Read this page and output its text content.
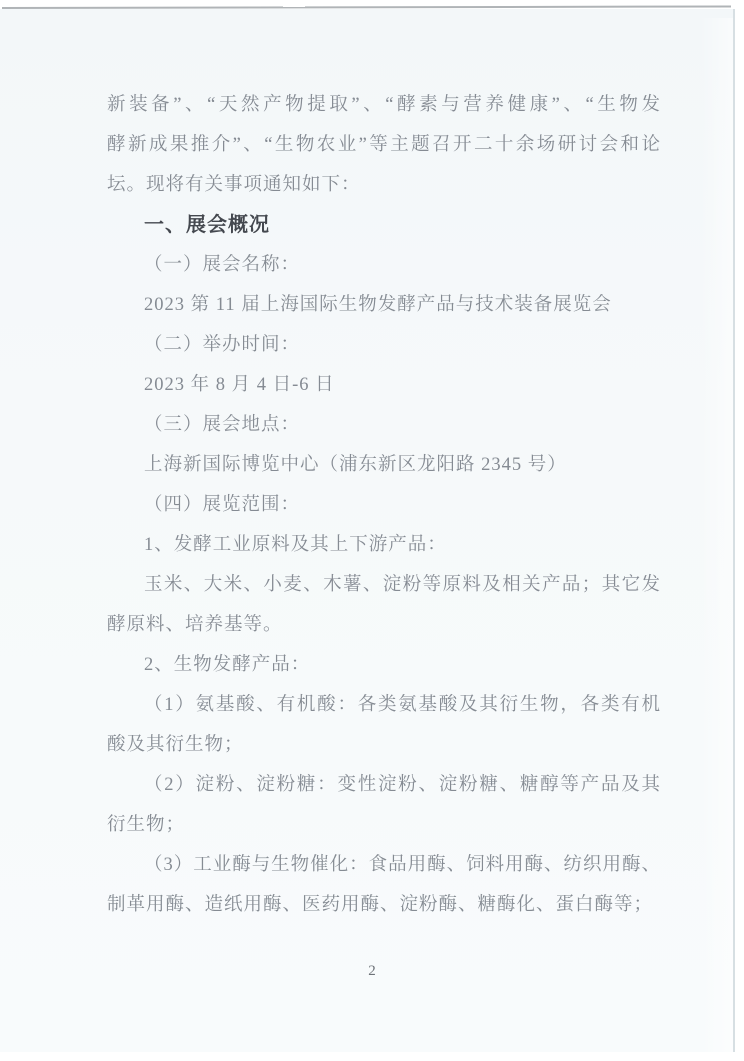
新装备”、“天然产物提取”、“酵素与营养健康”、“生物发
酵新成果推介”、“生物农业”等主题召开二十余场研讨会和论
坛。现将有关事项通知如下：
一、展会概况
（一）展会名称：
2023 第 11 届上海国际生物发酵产品与技术装备展览会
（二）举办时间：
2023 年 8 月 4 日-6 日
（三）展会地点：
上海新国际博览中心（浦东新区龙阳路 2345 号）
（四）展览范围：
1、发酵工业原料及其上下游产品：
玉米、大米、小麦、木薯、淀粉等原料及相关产品；其它发
酵原料、培养基等。
2、生物发酵产品：
（1）氨基酸、有机酸：各类氨基酸及其衍生物，各类有机
酸及其衍生物；
（2）淀粉、淀粉糖：变性淀粉、淀粉糖、糖醇等产品及其
衍生物；
（3）工业酶与生物催化：食品用酶、饲料用酶、纺织用酶、
制革用酶、造纸用酶、医药用酶、淀粉酶、糖酶化、蛋白酶等；
2
